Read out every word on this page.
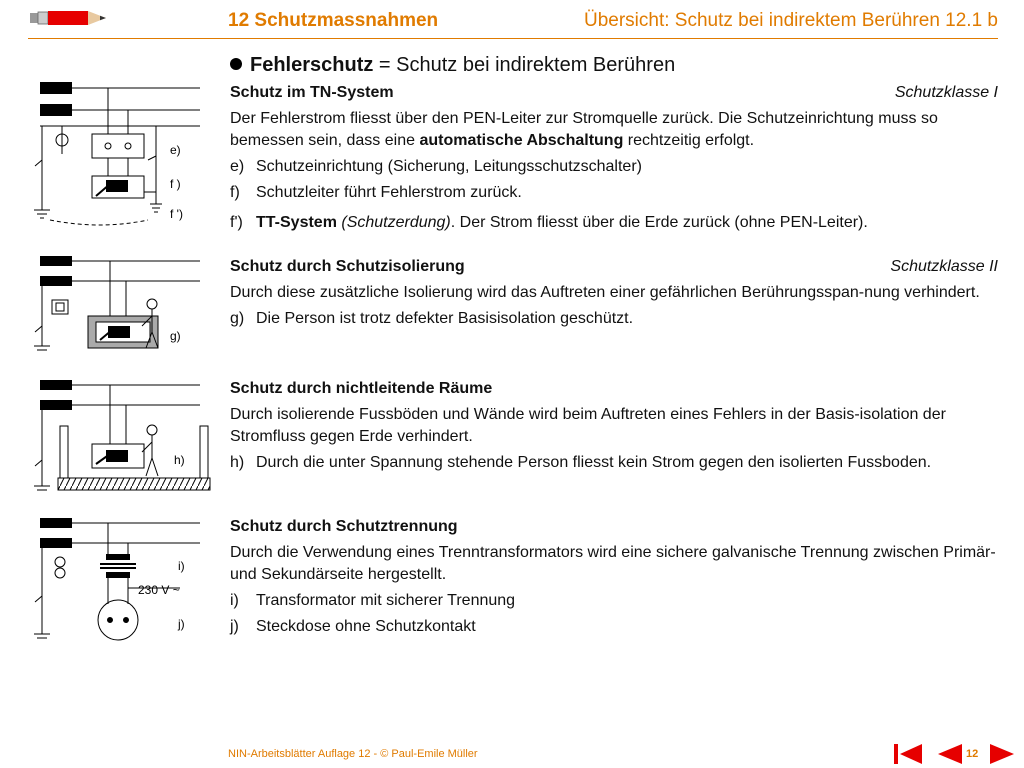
12 Schutzmassnahmen	Übersicht: Schutz bei indirektem Berühren 12.1 b
Fehlerschutz = Schutz bei indirektem Berühren
Schutz im TN-System	Schutzklasse I

Der Fehlerstrom fliesst über den PEN-Leiter zur Stromquelle zurück. Die Schutzeinrichtung muss so bemessen sein, dass eine automatische Abschaltung rechtzeitig erfolgt.

e) Schutzeinrichtung (Sicherung, Leitungsschutzschalter)
f)	Schutzleiter führt Fehlerstrom zurück.
f') TT-System (Schutzerdung). Der Strom fliesst über die Erde zurück (ohne PEN-Leiter).
Schutz durch Schutzisolierung	Schutzklasse II

Durch diese zusätzliche Isolierung wird das Auftreten einer gefährlichen Berührungsspan-nung verhindert.

g) Die Person ist trotz defekter Basisisolation geschützt.
Schutz durch nichtleitende Räume

Durch isolierende Fussböden und Wände wird beim Auftreten eines Fehlers in der Basis-isolation der Stromfluss gegen Erde verhindert.

h) Durch die unter Spannung stehende Person fliesst kein Strom gegen den isolierten Fussboden.
Schutz durch Schutztrennung

Durch die Verwendung eines Trenntransformators wird eine sichere galvanische Trennung zwischen Primär- und Sekundärseite hergestellt.

i)	Transformator mit sicherer Trennung
j)	Steckdose ohne Schutzkontakt
e)
f )
f ')
g)
h)
230 V ~
i)
j)
NIN-Arbeitsblätter Auflage 12 - © Paul-Emile Müller	12
